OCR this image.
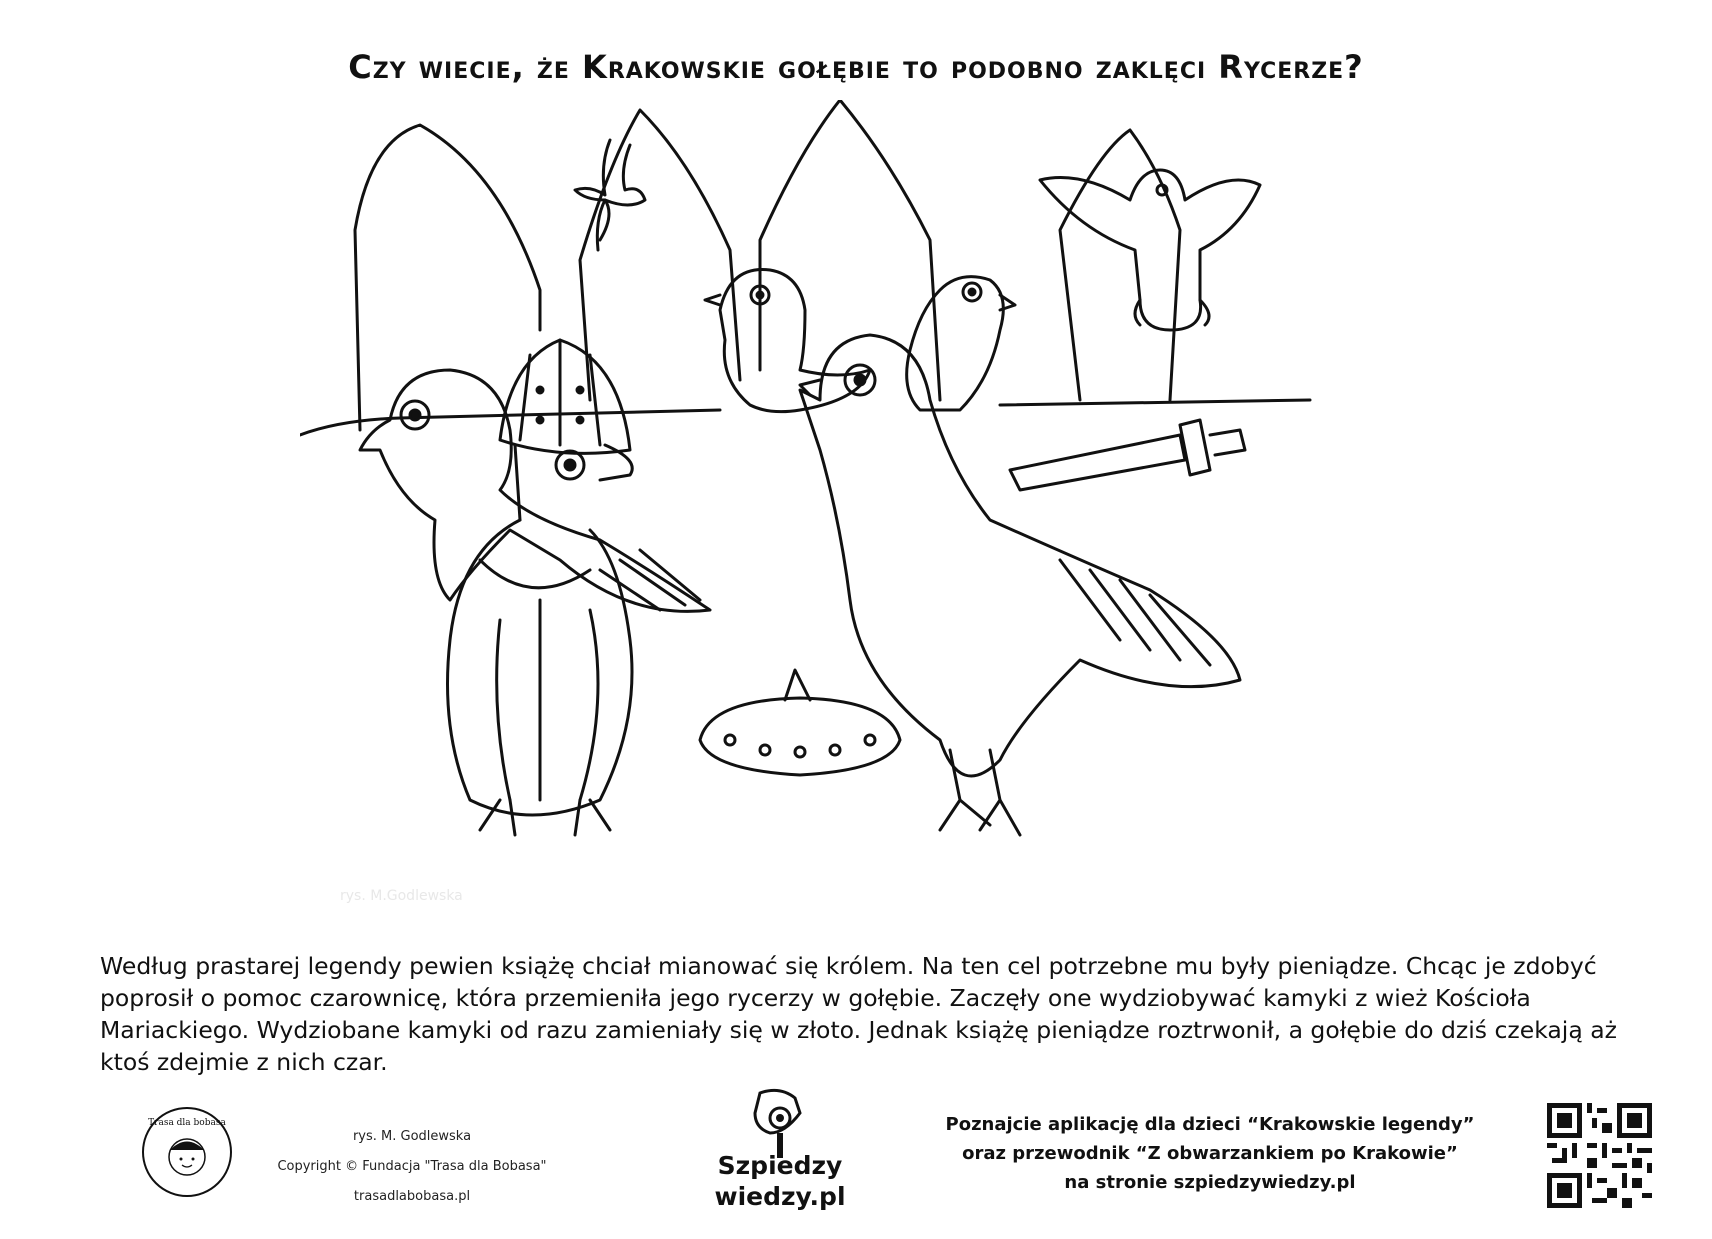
Czy wiecie, że Krakowskie gołębie to podobno zaklęci Rycerze?
rys. M.Godlewska
Według prastarej legendy pewien książę chciał mianować się królem. Na ten cel potrzebne mu były pieniądze. Chcąc je zdobyć poprosił o pomoc czarownicę, która przemieniła jego rycerzy w gołębie. Zaczęły one wydziobywać kamyki z wież Kościoła Mariackiego. Wydziobane kamyki od razu zamieniały się w złoto. Jednak książę pieniądze roztrwonił, a gołębie do dziś czekają aż ktoś zdejmie z nich czar.
Trasa dla bobasa
rys. M. Godlewska
Copyright © Fundacja "Trasa dla Bobasa"
trasadlabobasa.pl
Szpiedzy
wiedzy.pl
Poznajcie aplikację dla dzieci “Krakowskie legendy”
oraz przewodnik “Z obwarzankiem po Krakowie”
na stronie szpiedzywiedzy.pl
